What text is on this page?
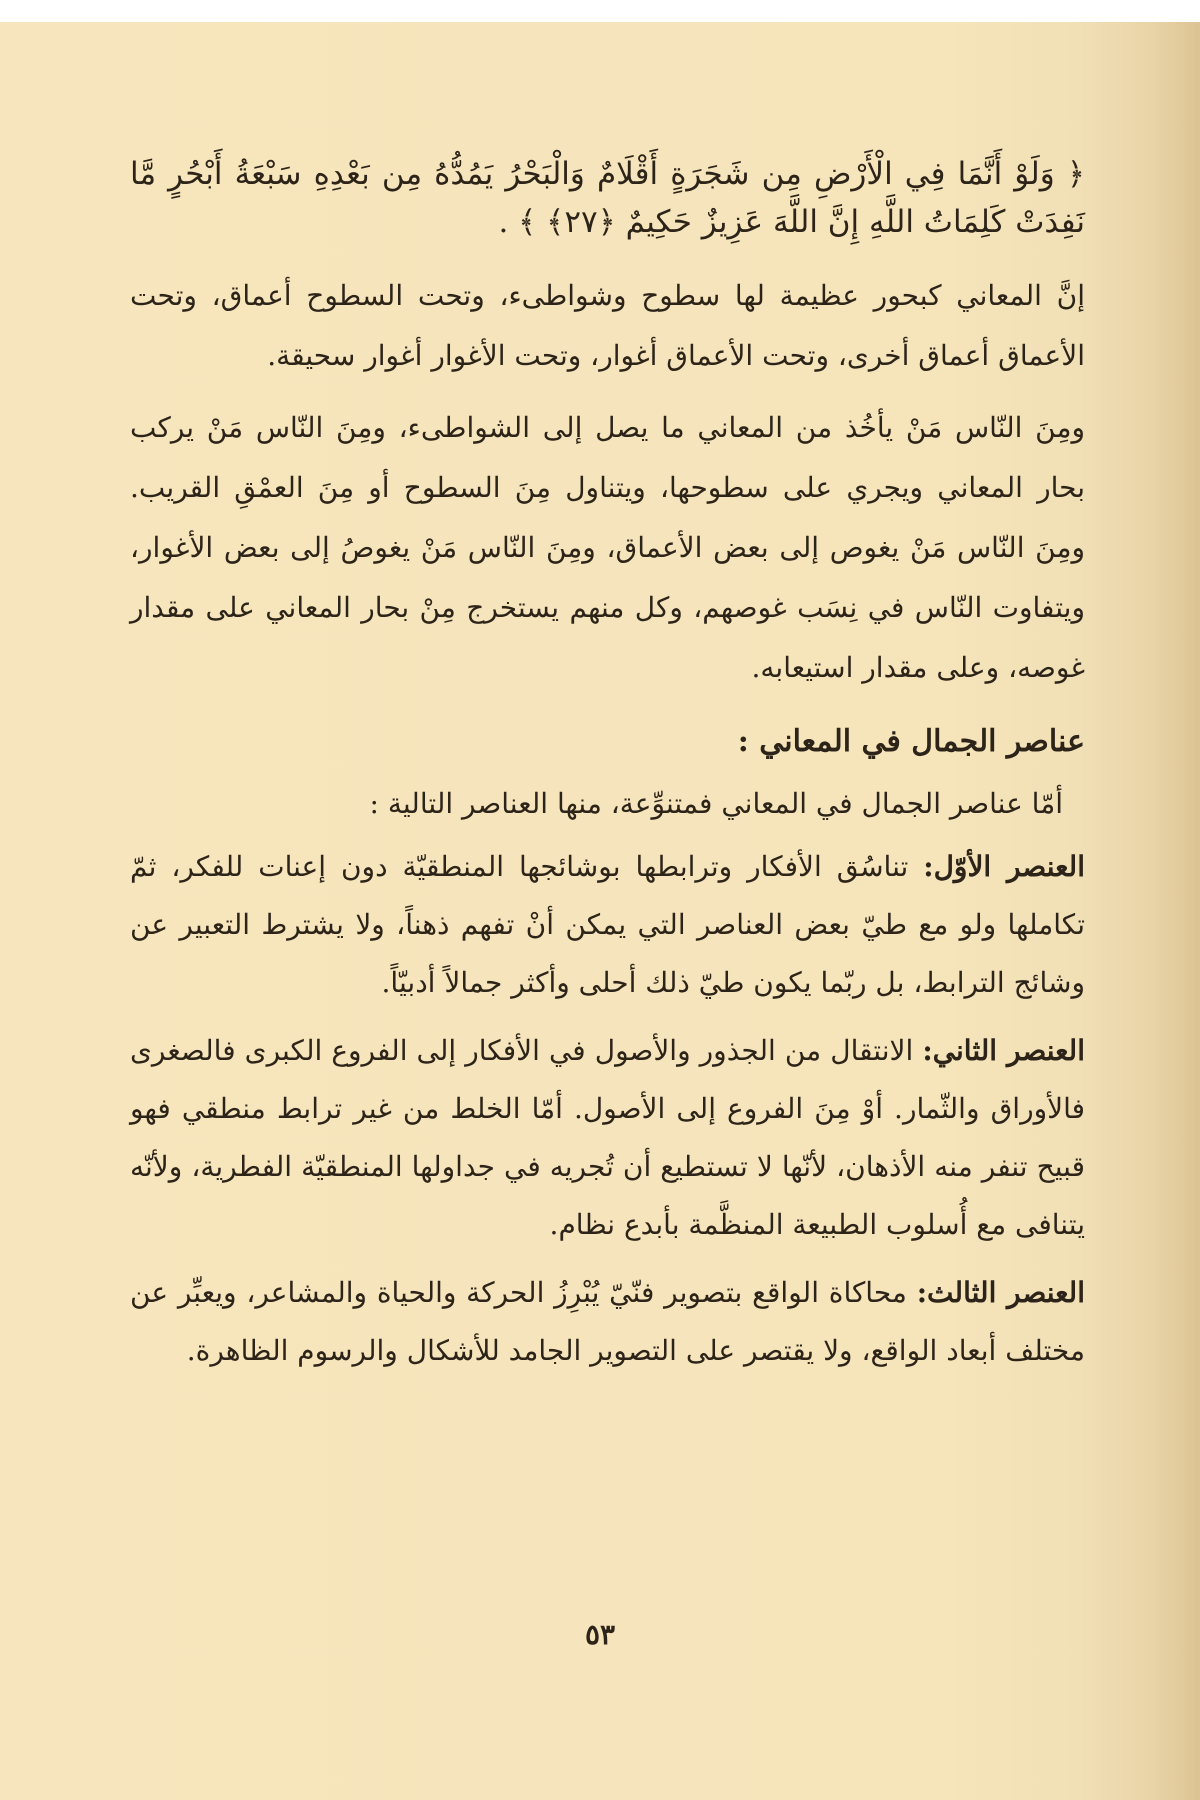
﴿ وَلَوْ أَنَّمَا فِي الْأَرْضِ مِن شَجَرَةٍ أَقْلَامٌ وَالْبَحْرُ يَمُدُّهُ مِن بَعْدِهِ سَبْعَةُ أَبْحُرٍ مَّا نَفِدَتْ كَلِمَاتُ اللَّهِ إِنَّ اللَّهَ عَزِيزٌ حَكِيمٌ ﴿٢٧﴾ ﴾ .

إنَّ المعاني كبحور عظيمة لها سطوح وشواطىء، وتحت السطوح أعماق، وتحت الأعماق أعماق أخرى، وتحت الأعماق أغوار، وتحت الأغوار أغوار سحيقة.

ومِنَ النّاس مَنْ يأخُذ من المعاني ما يصل إلى الشواطىء، ومِنَ النّاس مَنْ يركب بحار المعاني ويجري على سطوحها، ويتناول مِنَ السطوح أو مِنَ العمْقِ القريب. ومِنَ النّاس مَنْ يغوص إلى بعض الأعماق، ومِنَ النّاس مَنْ يغوصُ إلى بعض الأغوار، ويتفاوت النّاس في نِسَب غوصهم، وكل منهم يستخرج مِنْ بحار المعاني على مقدار غوصه، وعلى مقدار استيعابه.

عناصر الجمال في المعاني :

أمّا عناصر الجمال في المعاني فمتنوِّعة، منها العناصر التالية :

العنصر الأوّل: تناسُق الأفكار وترابطها بوشائجها المنطقيّة دون إعنات للفكر، ثمّ تكاملها ولو مع طيّ بعض العناصر التي يمكن أنْ تفهم ذهناً، ولا يشترط التعبير عن وشائج الترابط، بل ربّما يكون طيّ ذلك أحلى وأكثر جمالاً أدبيّاً.

العنصر الثاني: الانتقال من الجذور والأصول في الأفكار إلى الفروع الكبرى فالصغرى فالأوراق والثّمار. أوْ مِنَ الفروع إلى الأصول. أمّا الخلط من غير ترابط منطقي فهو قبيح تنفر منه الأذهان، لأنّها لا تستطيع أن تُجريه في جداولها المنطقيّة الفطرية، ولأنّه يتنافى مع أُسلوب الطبيعة المنظَّمة بأبدع نظام.

العنصر الثالث: محاكاة الواقع بتصوير فنّيّ يُبْرِزُ الحركة والحياة والمشاعر، ويعبِّر عن مختلف أبعاد الواقع، ولا يقتصر على التصوير الجامد للأشكال والرسوم الظاهرة.

٥٣
